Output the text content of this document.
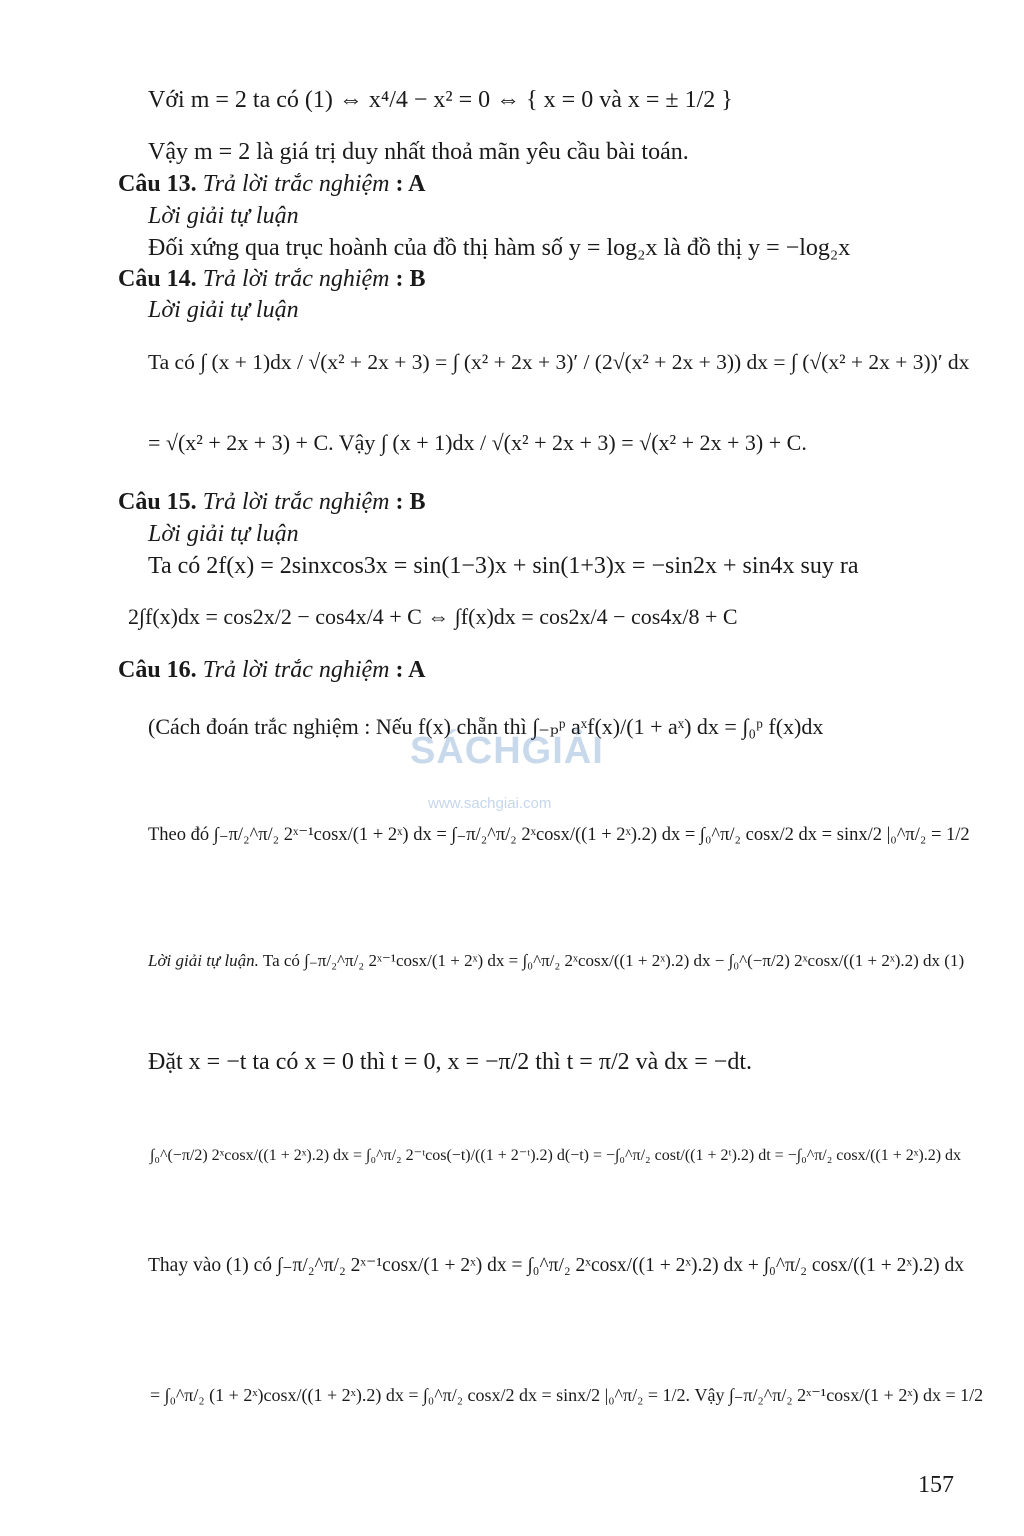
SÁCHGIẢI
www.sachgiai.com
Với m = 2 ta có (1) ⇔ x⁴/4 − x² = 0 ⇔ { x = 0 và x = ± 1/2 }
Vậy m = 2 là giá trị duy nhất thoả mãn yêu cầu bài toán.
Câu 13. Trả lời trắc nghiệm : A
Lời giải tự luận
Đối xứng qua trục hoành của đồ thị hàm số y = log₂x là đồ thị y = −log₂x
Câu 14. Trả lời trắc nghiệm : B
Lời giải tự luận
Ta có ∫ (x + 1)dx / √(x² + 2x + 3) = ∫ (x² + 2x + 3)′ / (2√(x² + 2x + 3)) dx = ∫ (√(x² + 2x + 3))′ dx
= √(x² + 2x + 3) + C. Vậy ∫ (x + 1)dx / √(x² + 2x + 3) = √(x² + 2x + 3) + C.
Câu 15. Trả lời trắc nghiệm : B
Lời giải tự luận
Ta có 2f(x) = 2sinxcos3x = sin(1−3)x + sin(1+3)x = −sin2x + sin4x suy ra
2∫f(x)dx = cos2x/2 − cos4x/4 + C ⇔ ∫f(x)dx = cos2x/4 − cos4x/8 + C
Câu 16. Trả lời trắc nghiệm : A
(Cách đoán trắc nghiệm : Nếu f(x) chẵn thì ∫₋ₚᵖ aˣf(x)/(1 + aˣ) dx = ∫₀ᵖ f(x)dx
Theo đó ∫₋π/₂^π/₂ 2ˣ⁻¹cosx/(1 + 2ˣ) dx = ∫₋π/₂^π/₂ 2ˣcosx/((1 + 2ˣ).2) dx = ∫₀^π/₂ cosx/2 dx = sinx/2 |₀^π/₂ = 1/2
Lời giải tự luận. Ta có ∫₋π/₂^π/₂ 2ˣ⁻¹cosx/(1 + 2ˣ) dx = ∫₀^π/₂ 2ˣcosx/((1 + 2ˣ).2) dx − ∫₀^(−π/2) 2ˣcosx/((1 + 2ˣ).2) dx (1)
Đặt x = −t ta có x = 0 thì t = 0, x = −π/2 thì t = π/2 và dx = −dt.
∫₀^(−π/2) 2ˣcosx/((1 + 2ˣ).2) dx = ∫₀^π/₂ 2⁻ᵗcos(−t)/((1 + 2⁻ᵗ).2) d(−t) = −∫₀^π/₂ cost/((1 + 2ᵗ).2) dt = −∫₀^π/₂ cosx/((1 + 2ˣ).2) dx
Thay vào (1) có ∫₋π/₂^π/₂ 2ˣ⁻¹cosx/(1 + 2ˣ) dx = ∫₀^π/₂ 2ˣcosx/((1 + 2ˣ).2) dx + ∫₀^π/₂ cosx/((1 + 2ˣ).2) dx
= ∫₀^π/₂ (1 + 2ˣ)cosx/((1 + 2ˣ).2) dx = ∫₀^π/₂ cosx/2 dx = sinx/2 |₀^π/₂ = 1/2. Vậy ∫₋π/₂^π/₂ 2ˣ⁻¹cosx/(1 + 2ˣ) dx = 1/2
157
